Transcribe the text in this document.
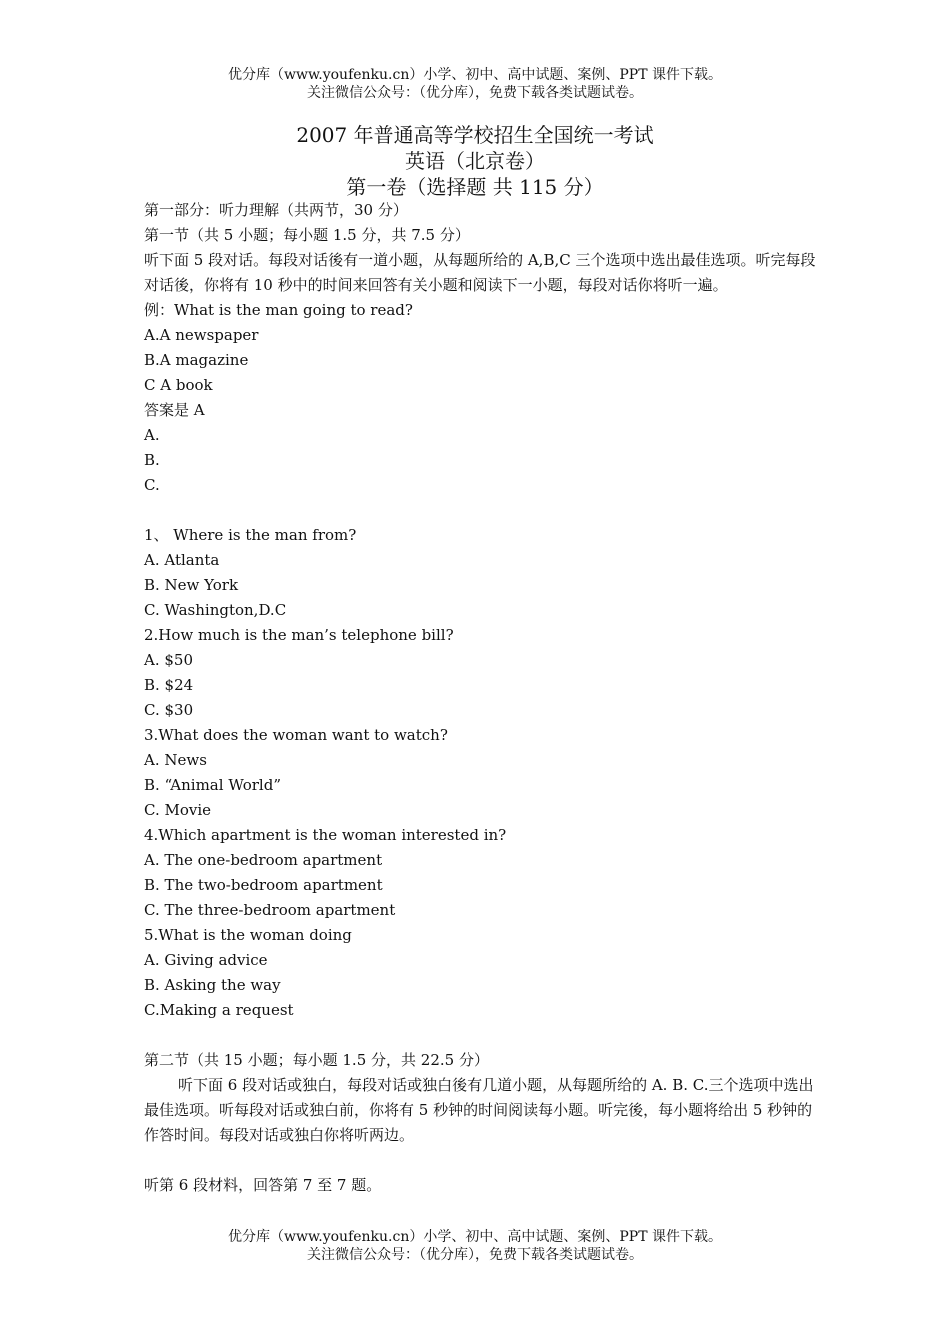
优分库（www.youfenku.cn）小学、初中、高中试题、案例、PPT 课件下载。
关注微信公众号：（优分库），免费下载各类试题试卷。
2007 年普通高等学校招生全国统一考试
英语（北京卷）
第一卷（选择题 共 115 分）
第一部分：听力理解（共两节，30 分）
第一节（共 5 小题；每小题 1.5 分，共 7.5 分）
听下面 5 段对话。每段对话後有一道小题，从每题所给的 A,B,C 三个选项中选出最佳选项。听完每段对话後，你将有 10 秒中的时间来回答有关小题和阅读下一小题，每段对话你将听一遍。
例：What is the man going to read?
A.A newspaper
B.A magazine
C A book
答案是 A
A.
B.
C.
1、 Where is the man from?
A. Atlanta
B. New York
C. Washington,D.C
2.How much is the man’s telephone bill?
A. $50
B. $24
C. $30
3.What does the woman want to watch?
A. News
B. “Animal World”
C. Movie
4.Which apartment is the woman interested in?
A. The one-bedroom apartment
B. The two-bedroom apartment
C. The three-bedroom apartment
5.What is the woman doing
A. Giving advice
B. Asking the way
C.Making a request
第二节（共 15 小题；每小题 1.5 分，共 22.5 分）
听下面 6 段对话或独白，每段对话或独白後有几道小题，从每题所给的 A. B. C.三个选项中选出最佳选项。听每段对话或独白前，你将有 5 秒钟的时间阅读每小题。听完後，每小题将给出 5 秒钟的作答时间。每段对话或独白你将听两边。
听第 6 段材料，回答第 7 至 7 题。
优分库（www.youfenku.cn）小学、初中、高中试题、案例、PPT 课件下载。
关注微信公众号：（优分库），免费下载各类试题试卷。
